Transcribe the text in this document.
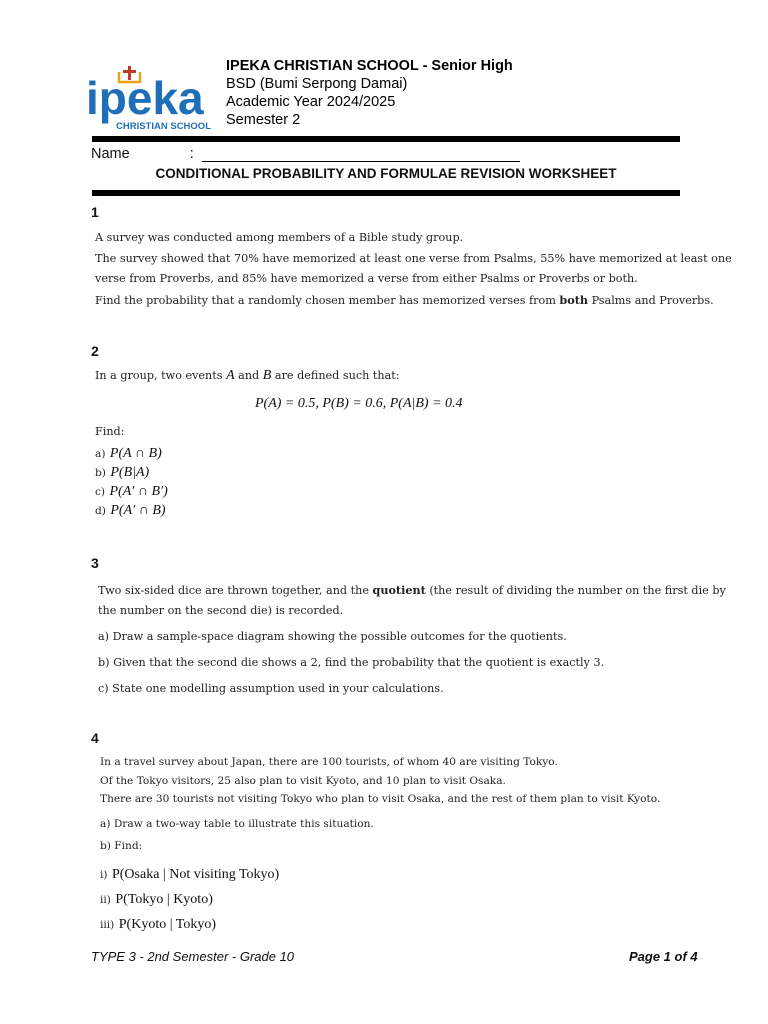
ipeka
CHRISTIAN SCHOOL
IPEKA CHRISTIAN SCHOOL - Senior High
BSD (Bumi Serpong Damai)
Academic Year 2024/2025
Semester 2
Name	:
CONDITIONAL PROBABILITY AND FORMULAE REVISION WORKSHEET
1
A survey was conducted among members of a Bible study group.
The survey showed that 70% have memorized at least one verse from Psalms, 55% have memorized at least one
verse from Proverbs, and 85% have memorized a verse from either Psalms or Proverbs or both.
Find the probability that a randomly chosen member has memorized verses from both Psalms and Proverbs.
2
In a group, two events A and B are defined such that:
P(A) = 0.5, P(B) = 0.6, P(A|B) = 0.4
Find:
a) P(A ∩ B)
b) P(B|A)
c) P(A′ ∩ B′)
d) P(A′ ∩ B)
3
Two six-sided dice are thrown together, and the quotient (the result of dividing the number on the first die by
the number on the second die) is recorded.
a) Draw a sample-space diagram showing the possible outcomes for the quotients.
b) Given that the second die shows a 2, find the probability that the quotient is exactly 3.
c) State one modelling assumption used in your calculations.
4
In a travel survey about Japan, there are 100 tourists, of whom 40 are visiting Tokyo.
Of the Tokyo visitors, 25 also plan to visit Kyoto, and 10 plan to visit Osaka.
There are 30 tourists not visiting Tokyo who plan to visit Osaka, and the rest of them plan to visit Kyoto.
a) Draw a two-way table to illustrate this situation.
b) Find:
i) P(Osaka | Not visiting Tokyo)
ii) P(Tokyo | Kyoto)
iii) P(Kyoto | Tokyo)
TYPE 3 - 2nd Semester - Grade 10	Page 1 of 4
